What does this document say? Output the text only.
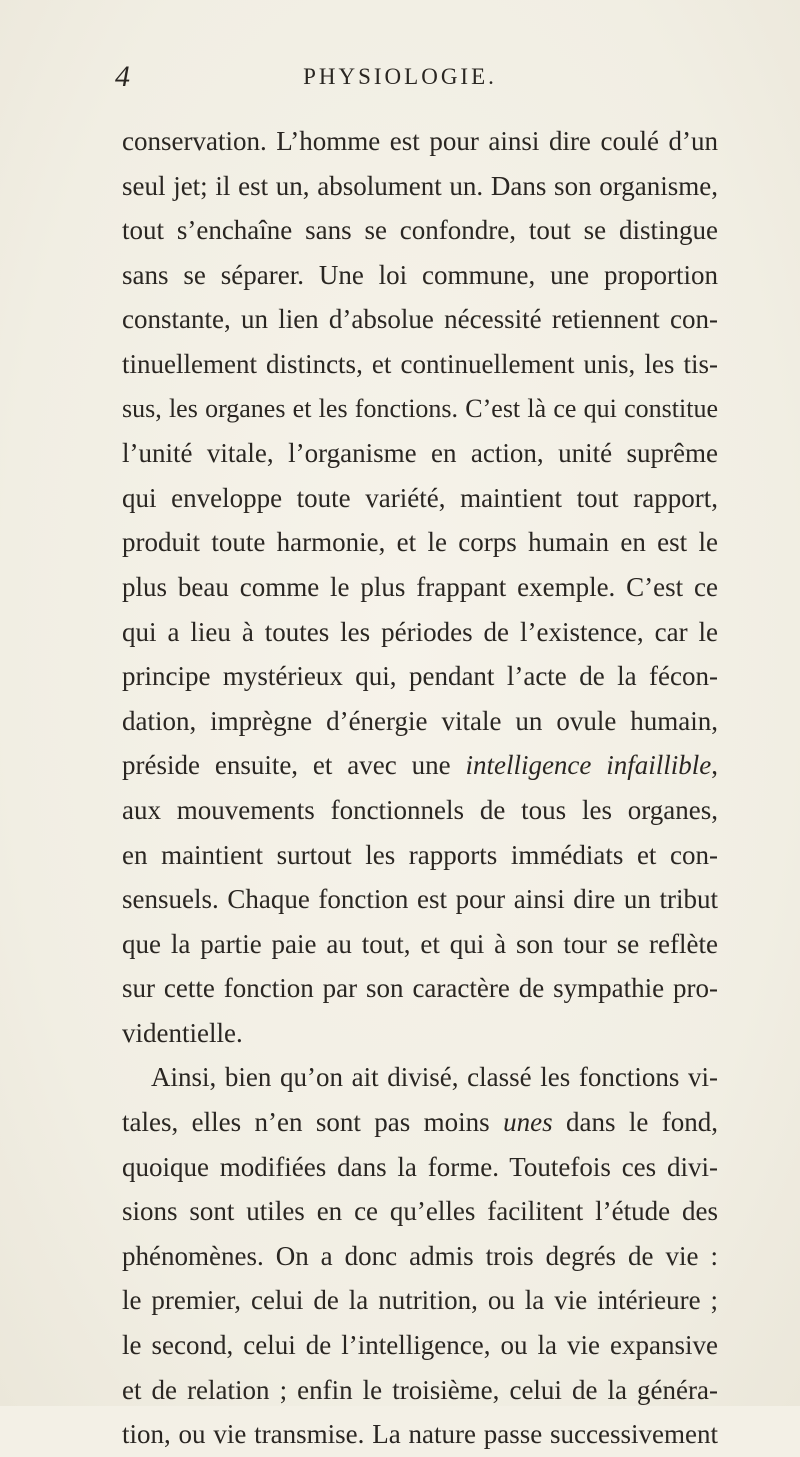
4	PHYSIOLOGIE.
conservation. L’homme est pour ainsi dire coulé d’un
seul jet; il est un, absolument un. Dans son organisme,
tout s’enchaîne sans se confondre, tout se distingue
sans se séparer. Une loi commune, une proportion
constante, un lien d’absolue nécessité retiennent con-
tinuellement distincts, et continuellement unis, les tis-
sus, les organes et les fonctions. C’est là ce qui constitue
l’unité vitale, l’organisme en action, unité suprême
qui enveloppe toute variété, maintient tout rapport,
produit toute harmonie, et le corps humain en est le
plus beau comme le plus frappant exemple. C’est ce
qui a lieu à toutes les périodes de l’existence, car le
principe mystérieux qui, pendant l’acte de la fécon-
dation, imprègne d’énergie vitale un ovule humain,
préside ensuite, et avec une intelligence infaillible,
aux mouvements fonctionnels de tous les organes,
en maintient surtout les rapports immédiats et con-
sensuels. Chaque fonction est pour ainsi dire un tribut
que la partie paie au tout, et qui à son tour se reflète
sur cette fonction par son caractère de sympathie pro-
videntielle.
Ainsi, bien qu’on ait divisé, classé les fonctions vi-
tales, elles n’en sont pas moins unes dans le fond,
quoique modifiées dans la forme. Toutefois ces divi-
sions sont utiles en ce qu’elles facilitent l’étude des
phénomènes. On a donc admis trois degrés de vie :
le premier, celui de la nutrition, ou la vie intérieure ;
le second, celui de l’intelligence, ou la vie expansive
et de relation ; enfin le troisième, celui de la généra-
tion, ou vie transmise. La nature passe successivement
